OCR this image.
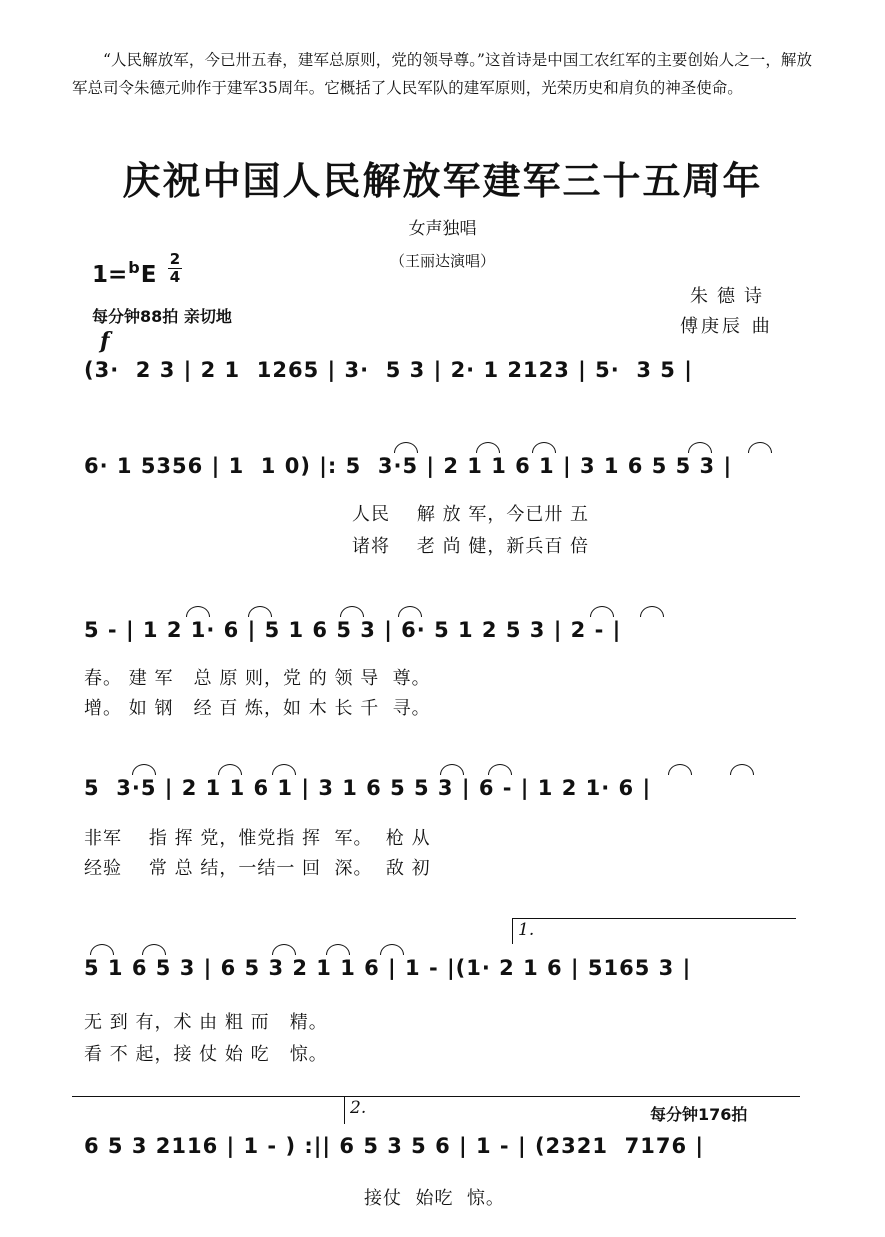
“人民解放军，今已卅五春，建军总原则，党的领导尊。”这首诗是中国工农红军的主要创始人之一，解放军总司令朱德元帅作于建军35周年。它概括了人民军队的建军原则，光荣历史和肩负的神圣使命。
庆祝中国人民解放军建军三十五周年
女声独唱
（王丽达演唱）
1=$^b$E
2
4
每分钟88拍 亲切地
朱德诗
傅庚辰 曲
f
(3·  2 3 | 2 1  1265 | 3·  5 3 | 2· 1 2123 | 5·  3 5 |
6· 1 5356 | 1  1 0) |: 5  3·5 | 2 1 1 6 1 | 3 1 6 5 5 3 |
5 - | 1 2 1· 6 | 5 1 6 5 3 | 6· 5 1 2 5 3 | 2 - |
5  3·5 | 2 1 1 6 1 | 3 1 6 5 5 3 | 6 - | 1 2 1· 6 |
5 1 6 5 3 | 6 5 3 2 1 1 6 | 1 - |(1· 2 1 6 | 5165 3 |
6 5 3 2116 | 1 - ) :|| 6 5 3 5 6 | 1 - | (2321  7176 |
人民    解 放 军，今已卅 五
诸将    老 尚 健，新兵百 倍
春。 建 军   总 原 则，党 的 领 导  尊。
增。 如 钢   经 百 炼，如 木 长 千  寻。
非军    指 挥 党，惟党指 挥  军。  枪 从
经验    常 总 结，一结一 回  深。  敌 初
无 到 有，术 由 粗 而   精。
看 不 起，接 仗 始 吃   惊。
接仗  始吃  惊。
1.
2.	每分钟176拍
